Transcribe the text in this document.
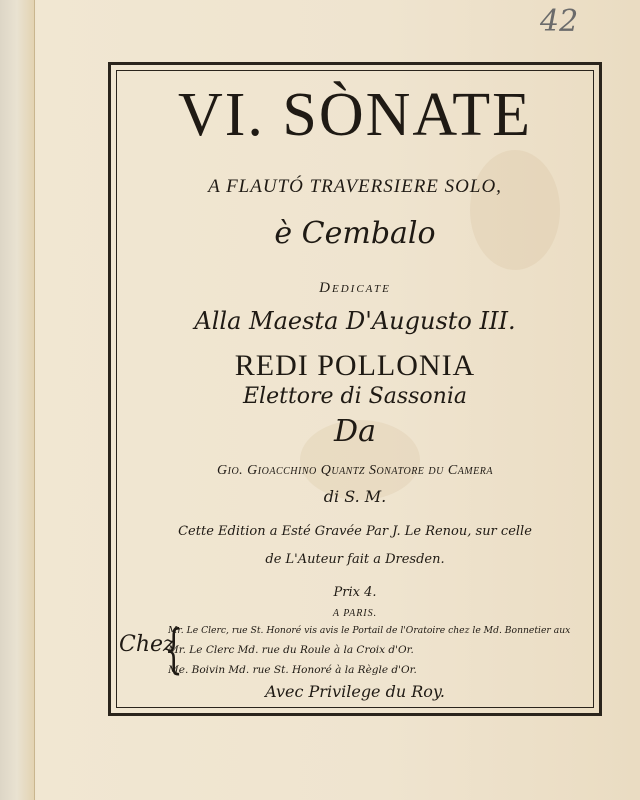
42
VI. SÒNATE
A FLAUTÓ TRAVERSIERE SOLO,
è Cembalo
Dedicate
Alla Maesta D'Augusto III.
REDI POLLONIA
Elettore di Sassonia
Da
Gio. Gioacchino Quantz Sonatore du Camera
di S. M.
Cette Edition a Esté Gravée Par J. Le Renou, sur celle
de L'Auteur fait a Dresden.
Prix 4.
A PARIS.
Chez
{
Mr. Le Clerc, rue St. Honoré vis avis le Portail de l'Oratoire chez le Md. Bonnetier aux
Mr. Le Clerc Md. rue du Roule à la Croix d'Or.
Me. Boivin Md. rue St. Honoré à la Règle d'Or.
Avec Privilege du Roy.
